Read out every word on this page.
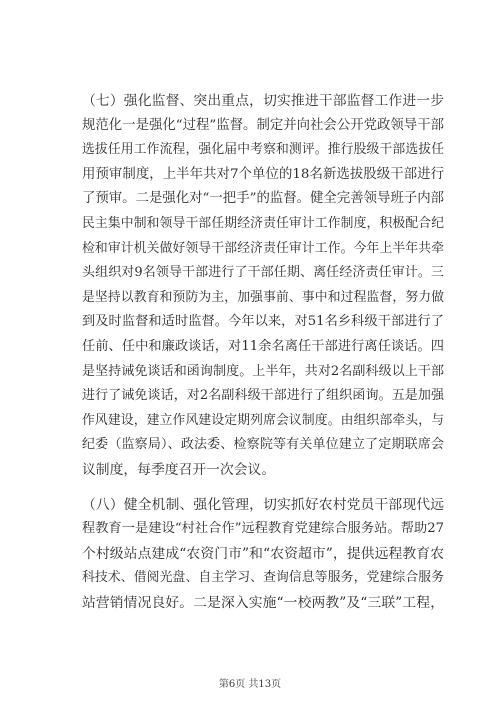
（七）强化监督、突出重点，切实推进干部监督工作进一步
规范化一是强化“过程”监督。制定并向社会公开党政领导干部
选拔任用工作流程，强化届中考察和测评。推行股级干部选拔任
用预审制度，上半年共对7个单位的18名新选拔股级干部进行
了预审。二是强化对“一把手”的监督。健全完善领导班子内部
民主集中制和领导干部任期经济责任审计工作制度，积极配合纪
检和审计机关做好领导干部经济责任审计工作。今年上半年共牵
头组织对9名领导干部进行了干部任期、离任经济责任审计。三
是坚持以教育和预防为主，加强事前、事中和过程监督，努力做
到及时监督和适时监督。今年以来，对51名乡科级干部进行了
任前、任中和廉政谈话，对11余名离任干部进行离任谈话。四
是坚持诫免谈话和函询制度。上半年，共对2名副科级以上干部
进行了诫免谈话，对2名副科级干部进行了组织函询。五是加强
作风建设，建立作风建设定期列席会议制度。由组织部牵头，与
纪委（监察局）、政法委、检察院等有关单位建立了定期联席会
议制度，每季度召开一次会议。
（八）健全机制、强化管理，切实抓好农村党员干部现代远
程教育一是建设“村社合作”远程教育党建综合服务站。帮助27
个村级站点建成“农资门市”和“农资超市”，提供远程教育农
科技术、借阅光盘、自主学习、查询信息等服务，党建综合服务
站营销情况良好。二是深入实施“一校两教”及“三联”工程，
第6页 共13页
